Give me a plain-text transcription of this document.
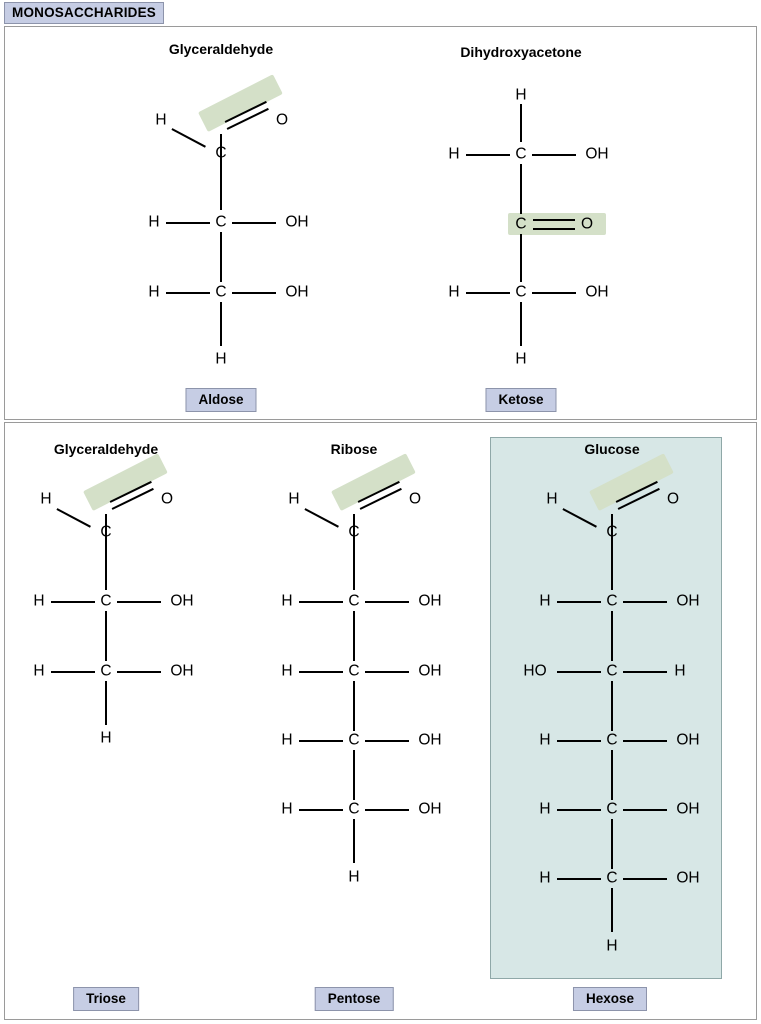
MONOSACCHARIDES
Glyceraldehyde
H	O
C
H	C	OH
H	C	OH
H
Aldose
Dihydroxyacetone
H
H	C	OH
C	O
H	C	OH
H
Ketose
Glyceraldehyde
H	O
C
H	C	OH
H	C	OH
H
Triose
Ribose
H	O
C
H	C	OH
H	C	OH
H	C	OH
H	C	OH
H
Pentose
Glucose
H	O
C
H	C	OH
HO	C	H
H	C	OH
H	C	OH
H	C	OH
H
Hexose
